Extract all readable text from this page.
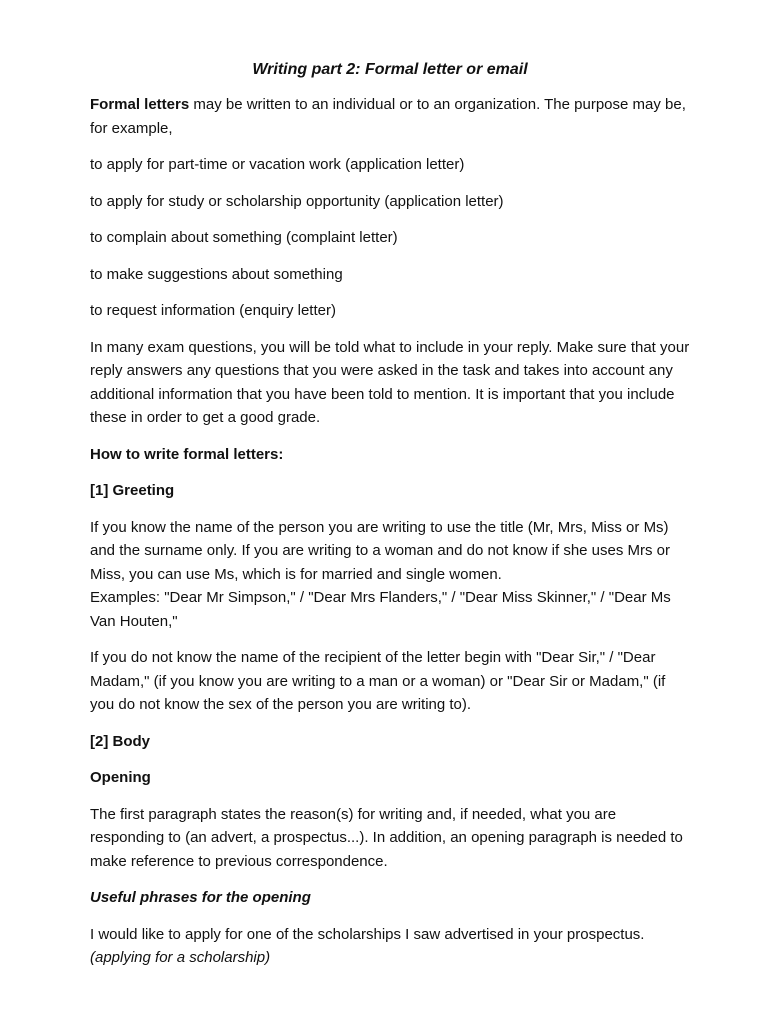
Writing part 2: Formal letter or email

Formal letters may be written to an individual or to an organization. The purpose may be, for example,

to apply for part-time or vacation work (application letter)

to apply for study or scholarship opportunity (application letter)

to complain about something (complaint letter)

to make suggestions about something

to request information (enquiry letter)

In many exam questions, you will be told what to include in your reply. Make sure that your reply answers any questions that you were asked in the task and takes into account any additional information that you have been told to mention. It is important that you include these in order to get a good grade.

How to write formal letters:

[1] Greeting

If you know the name of the person you are writing to use the title (Mr, Mrs, Miss or Ms) and the surname only. If you are writing to a woman and do not know if she uses Mrs or Miss, you can use Ms, which is for married and single women.

Examples: "Dear Mr Simpson," / "Dear Mrs Flanders," / "Dear Miss Skinner," / "Dear Ms Van Houten,"

If you do not know the name of the recipient of the letter begin with "Dear Sir," / "Dear Madam," (if you know you are writing to a man or a woman) or "Dear Sir or Madam," (if you do not know the sex of the person you are writing to).

[2] Body

Opening

The first paragraph states the reason(s) for writing and, if needed, what you are responding to (an advert, a prospectus...). In addition, an opening paragraph is needed to make reference to previous correspondence.

Useful phrases for the opening

I would like to apply for one of the scholarships I saw advertised in your prospectus. (applying for a scholarship)
